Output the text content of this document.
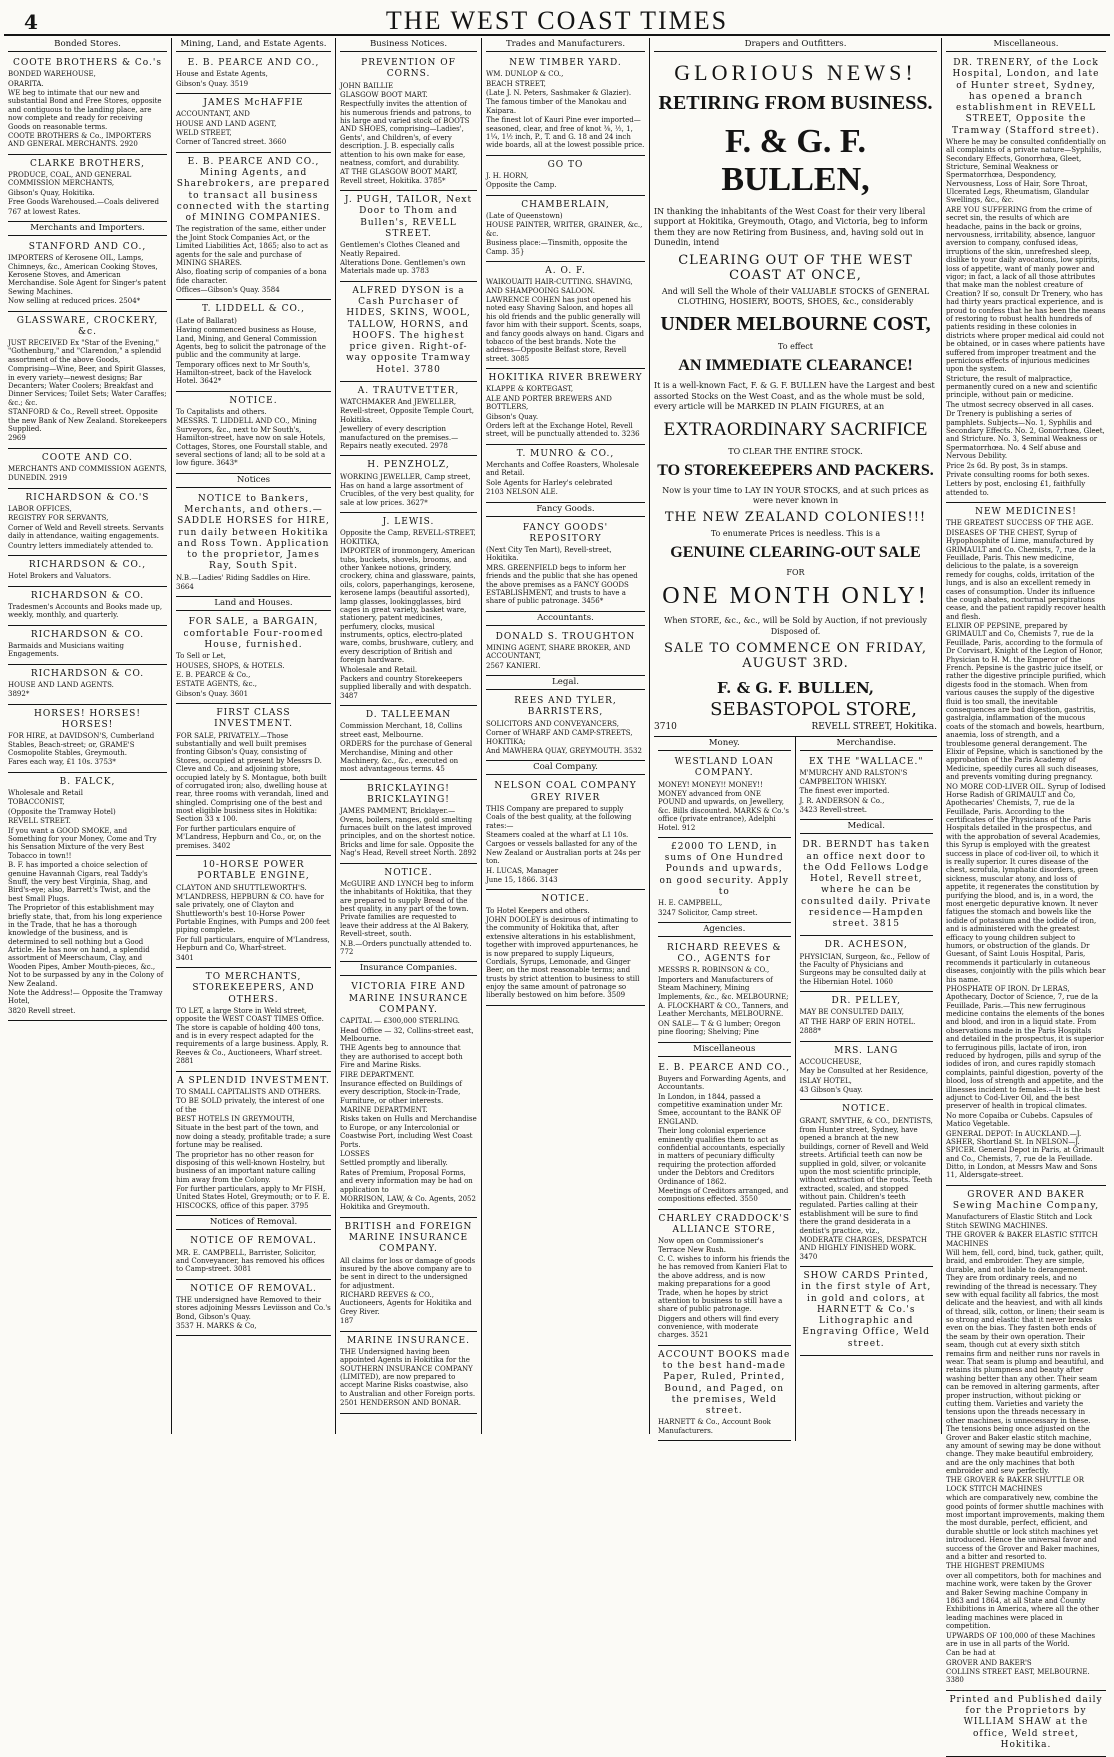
4	THE WEST COAST TIMES
Bonded Stores.

COOTE BROTHERS & Co.'s

BONDED WAREHOUSE,

ORARITA.

WE beg to intimate that our new and substantial Bond and Free Stores, opposite and contiguous to the landing place, are now complete and ready for receiving Goods on reasonable terms.

COOTE BROTHERS & Co., IMPORTERS AND GENERAL MERCHANTS. 2920

CLARKE BROTHERS,

PRODUCE, COAL, AND GENERAL COMMISSION MERCHANTS,

Gibson's Quay, Hokitika.

Free Goods Warehoused.—Coals delivered

767 at lowest Rates.

Merchants and Importers.

STANFORD AND CO.,

IMPORTERS of Kerosene OIL, Lamps, Chimneys, &c., American Cooking Stoves, Kerosene Stoves, and American Merchandise. Sole Agent for Singer's patent Sewing Machines.

Now selling at reduced prices. 2504*

GLASSWARE, CROCKERY, &c.

JUST RECEIVED Ex "Star of the Evening," "Gothenburg," and "Clarendon," a splendid assortment of the above Goods,

Comprising—Wine, Beer, and Spirit Glasses, in every variety—newest designs; Bar Decanters; Water Coolers; Breakfast and Dinner Services; Toilet Sets; Water Caraffes; &c.; &c.

STANFORD & Co., Revell street. Opposite the new Bank of New Zealand. Storekeepers Supplied.

2969

COOTE AND CO.

MERCHANTS AND COMMISSION AGENTS,

DUNEDIN. 2919

RICHARDSON & CO.'S

LABOR OFFICES,

REGISTRY FOR SERVANTS,

Corner of Weld and Revell streets. Servants daily in attendance, waiting engagements.

Country letters immediately attended to.

RICHARDSON & CO.,

Hotel Brokers and Valuators.

RICHARDSON & CO.

Tradesmen's Accounts and Books made up, weekly, monthly, and quarterly.

RICHARDSON & CO.

Barmaids and Musicians waiting Engagements.

RICHARDSON & CO.

HOUSE AND LAND AGENTS.

3892*

HORSES! HORSES! HORSES!

FOR HIRE, at DAVIDSON'S, Cumberland Stables, Beach-street; or, GRAME'S Cosmopolite Stables, Greymouth.

Fares each way, £1 10s. 3753*

B. FALCK,

Wholesale and Retail

TOBACCONIST,

(Opposite the Tramway Hotel)

REVELL STREET.

If you want a GOOD SMOKE, and Something for your Money, Come and Try his Sensation Mixture of the very Best Tobacco in town!!

B. F. has imported a choice selection of genuine Havannah Cigars, real Taddy's Snuff, the very best Virginia, Shag, and Bird's-eye; also, Barrett's Twist, and the best Small Plugs.

The Proprietor of this establishment may briefly state, that, from his long experience in the Trade, that he has a thorough knowledge of the business, and is determined to sell nothing but a Good Article. He has now on hand, a splendid assortment of Meerschaum, Clay, and Wooden Pipes, Amber Mouth-pieces, &c., Not to be surpassed by any in the Colony of New Zealand.

Note the Address!— Opposite the Tramway Hotel,

3820 Revell street.

Mining, Land, and Estate Agents.

E. B. PEARCE AND CO.,

House and Estate Agents,

Gibson's Quay. 3519

JAMES McHAFFIE

ACCOUNTANT, AND

HOUSE AND LAND AGENT,

WELD STREET,

Corner of Tancred street. 3660

E. B. PEARCE AND CO., Mining Agents, and Sharebrokers, are prepared to transact all business connected with the starting of MINING COMPANIES.

The registration of the same, either under the Joint Stock Companies Act, or the Limited Liabilities Act, 1865; also to act as agents for the sale and purchase of MINING SHARES.

Also, floating scrip of companies of a bona fide character.

Offices—Gibson's Quay. 3584

T. LIDDELL & CO.,

(Late of Ballarat)

Having commenced business as House, Land, Mining, and General Commission Agents, beg to solicit the patronage of the public and the community at large.

Temporary offices next to Mr South's, Hamilton-street, back of the Havelock Hotel. 3642*

NOTICE.

To Capitalists and others.

MESSRS. T. LIDDELL AND CO., Mining Surveyors, &c., next to Mr South's, Hamilton-street, have now on sale Hotels, Cottages, Stores, one Fourstall stable, and several sections of land; all to be sold at a low figure. 3643*

Notices

NOTICE to Bankers, Merchants, and others.—SADDLE HORSES for HIRE, run daily between Hokitika and Ross Town. Application to the proprietor, James Ray, South Spit.

N.B.—Ladies' Riding Saddles on Hire.

3664

Land and Houses.

FOR SALE, a BARGAIN, comfortable Four-roomed House, furnished.

To Sell or Let,

HOUSES, SHOPS, & HOTELS.

E. B. PEARCE & Co.,

ESTATE AGENTS, &c.,

Gibson's Quay. 3601

FIRST CLASS INVESTMENT.

FOR SALE, PRIVATELY.—Those substantially and well built premises fronting Gibson's Quay, consisting of Stores, occupied at present by Messrs D. Cleve and Co., and adjoining store, occupied lately by S. Montague, both built of corrugated iron; also, dwelling house at rear, three rooms with verandah, lined and shingled. Comprising one of the best and most eligible business sites in Hokitika: Section 33 x 100.

For further particulars enquire of M'Landress, Hepburn and Co., or, on the premises. 3402

10-HORSE POWER PORTABLE ENGINE,

CLAYTON AND SHUTTLEWORTH'S.

M'LANDRESS, HEPBURN & CO. have for sale privately, one of Clayton and Shuttleworth's best 10-Horse Power Portable Engines, with Pumps and 200 feet piping complete.

For full particulars, enquire of M'Landress, Hepburn and Co, Wharf-street.

3401

TO MERCHANTS, STOREKEEPERS, AND OTHERS.

TO LET, a large Store in Weld street, opposite the WEST COAST TIMES Office. The store is capable of holding 400 tons, and is in every respect adapted for the requirements of a large business. Apply, R. Reeves & Co., Auctioneers, Wharf street. 2881

A SPLENDID INVESTMENT.

TO SMALL CAPITALISTS AND OTHERS.

TO BE SOLD privately, the interest of one of the

BEST HOTELS IN GREYMOUTH,

Situate in the best part of the town, and now doing a steady, profitable trade; a sure fortune may be realised.

The proprietor has no other reason for disposing of this well-known Hostelry, but business of an important nature calling him away from the Colony.

For further particulars, apply to Mr FISH, United States Hotel, Greymouth; or to F. E. HISCOCKS, office of this paper. 3795

Notices of Removal.

NOTICE OF REMOVAL.

MR. E. CAMPBELL, Barrister, Solicitor, and Conveyancer, has removed his offices to Camp-street. 3081

NOTICE OF REMOVAL.

THE undersigned have Removed to their stores adjoining Messrs Leviisson and Co.'s Bond, Gibson's Quay.

3537 H. MARKS & Co,

Business Notices.

PREVENTION OF CORNS.

JOHN BAILLIE

GLASGOW BOOT MART.

Respectfully invites the attention of his numerous friends and patrons, to his large and varied stock of BOOTS AND SHOES, comprising—Ladies', Gents', and Children's, of every description. J. B. especially calls attention to his own make for ease, neatness, comfort, and durability.

AT THE GLASGOW BOOT MART, Revell street, Hokitika. 3785*

J. PUGH, TAILOR, Next Door to Thom and Bullen's, REVELL STREET.

Gentlemen's Clothes Cleaned and Neatly Repaired.

Alterations Done. Gentlemen's own Materials made up. 3783

ALFRED DYSON is a Cash Purchaser of HIDES, SKINS, WOOL, TALLOW, HORNS, and HOOFS. The highest price given. Right-of-way opposite Tramway Hotel. 3780

A. TRAUTVETTER,

WATCHMAKER And JEWELLER,

Revell-street, Opposite Temple Court, Hokitika.

Jewellery of every description manufactured on the premises.—Repairs neatly executed. 2978

H. PENZHOLZ,

WORKING JEWELLER, Camp street,

Has on hand a large assortment of Crucibles, of the very best quality, for sale at low prices. 3627*

J. LEWIS.

Opposite the Camp, REVELL-STREET, HOKITIKA,

IMPORTER of ironmongery, American tubs, buckets, shovels, brooms, and other Yankee notions, grindery, crockery, china and glassware, paints, oils, colors, paperhangings, kerosene, kerosene lamps (beautiful assorted), lamp glasses, lookingglasses, bird cages in great variety, basket ware, stationery, patent medicines, perfumery, clocks, musical instruments, optics, electro-plated ware, combs, brushware, cutlery, and every description of British and foreign hardware.

Wholesale and Retail.

Packers and country Storekeepers supplied liberally and with despatch. 3487

D. TALLEEMAN

Commission Merchant, 18, Collins street east, Melbourne.

ORDERS for the purchase of General Merchandise, Mining and other Machinery, &c., &c., executed on most advantageous terms. 45

BRICKLAYING! BRICKLAYING!

JAMES PAMMENT, Bricklayer.—Ovens, boilers, ranges, gold smelting furnaces built on the latest improved principles, and on the shortest notice. Bricks and lime for sale. Opposite the Nag's Head, Revell street North. 2892

NOTICE.

McGUIRE AND LYNCH beg to inform the inhabitants of Hokitika, that they are prepared to supply Bread of the best quality, in any part of the town. Private families are requested to leave their address at the Al Bakery, Revell-street, south.

N.B.—Orders punctually attended to. 772

Insurance Companies.

VICTORIA FIRE AND MARINE INSURANCE COMPANY.

CAPITAL — £300,000 STERLING.

Head Office — 32, Collins-street east, Melbourne.

THE Agents beg to announce that they are authorised to accept both Fire and Marine Risks.

FIRE DEPARTMENT.

Insurance effected on Buildings of every description, Stock-in-Trade, Furniture, or other interests.

MARINE DEPARTMENT.

Risks taken on Hulls and Merchandise to Europe, or any Intercolonial or Coastwise Port, including West Coast Ports.

LOSSES

Settled promptly and liberally.

Rates of Premium, Proposal Forms, and every information may be had on application to

MORRISON, LAW, & Co. Agents, 2052 Hokitika and Greymouth.

BRITISH and FOREIGN MARINE INSURANCE COMPANY.

All claims for loss or damage of goods insured by the above company are to be sent in direct to the undersigned for adjustment.

RICHARD REEVES & CO., Auctioneers, Agents for Hokitika and Grey River.

187

MARINE INSURANCE.

THE Undersigned having been appointed Agents in Hokitika for the SOUTHERN INSURANCE COMPANY (LIMITED), are now prepared to accept Marine Risks coastwise, also to Australian and other Foreign ports.

2501 HENDERSON AND BONAR.

Trades and Manufacturers.

NEW TIMBER YARD.

WM. DUNLOP & CO.,

BEACH STREET,

(Late J. N. Peters, Sashmaker & Glazier).

The famous timber of the Manokau and Kaipara.

The finest lot of Kauri Pine ever imported—seasoned, clear, and free of knot ⅜, ½, 1, 1¼, 1½ inch, P., T. and G. 18 and 24 inch wide boards, all at the lowest possible price.

GO TO

J. H. HORN,

Opposite the Camp.

CHAMBERLAIN,

(Late of Queenstown)

HOUSE PAINTER, WRITER, GRAINER, &c., &c.

Business place:—Tinsmith, opposite the Camp. 35}

A. O. F.

WAIKOUAITI HAIR-CUTTING. SHAVING, AND SHAMPOOING SALOON.

LAWRENCE COHEN has just opened his noted easy Shaving Saloon, and hopes all his old friends and the public generally will favor him with their support. Scents, soaps, and fancy goods always on hand. Cigars and tobacco of the best brands. Note the address—Opposite Belfast store, Revell street. 3085

HOKITIKA RIVER BREWERY

KLAPPE & KORTEGAST,

ALE AND PORTER BREWERS AND BOTTLERS,

Gibson's Quay.

Orders left at the Exchange Hotel, Revell street, will be punctually attended to. 3236

T. MUNRO & CO.,

Merchants and Coffee Roasters, Wholesale and Retail.

Sole Agents for Harley's celebrated

2103 NELSON ALE.

Fancy Goods.

FANCY GOODS' REPOSITORY

(Next City Ten Mart), Revell-street, Hokitika.

MRS. GREENFIELD begs to inform her friends and the public that she has opened the above premises as a FANCY GOODS ESTABLISHMENT, and trusts to have a share of public patronage. 3456*

Accountants.

DONALD S. TROUGHTON

MINING AGENT, SHARE BROKER, AND ACCOUNTANT,

2567 KANIERI.

Legal.

REES AND TYLER, BARRISTERS,

SOLICITORS AND CONVEYANCERS,

Corner of WHARF AND CAMP-STREETS, HOKITIKA;

And MAWHERA QUAY, GREYMOUTH. 3532

Coal Company.

NELSON COAL COMPANY GREY RIVER

THIS Company are prepared to supply Coals of the best quality, at the following rates:—

Steamers coaled at the wharf at L1 10s.

Cargoes or vessels ballasted for any of the New Zealand or Australian ports at 24s per ton.

H. LUCAS, Manager

June 15, 1866. 3143

NOTICE.

To Hotel Keepers and others.

JOHN DOOLEY is desirous of intimating to the community of Hokitika that, after extensive alterations in his establishment, together with improved appurtenances, he is now prepared to supply Liqueurs, Cordials, Syrups, Lemonade, and Ginger Beer, on the most reasonable terms; and trusts by strict attention to business to still enjoy the same amount of patronage so liberally bestowed on him before. 3509

Drapers and Outfitters.
GLORIOUS NEWS!
RETIRING FROM BUSINESS.
F. & G. F. BULLEN,
IN thanking the inhabitants of the West Coast for their very liberal support at Hokitika, Greymouth, Otago, and Victoria, beg to inform them they are now Retiring from Business, and, having sold out in Dunedin, intend
CLEARING OUT OF THE WEST COAST AT ONCE,
And will Sell the Whole of their VALUABLE STOCKS of GENERAL CLOTHING, HOSIERY, BOOTS, SHOES, &c., considerably
UNDER MELBOURNE COST,
To effect
AN IMMEDIATE CLEARANCE!
It is a well-known Fact, F. & G. F. BULLEN have the Largest and best assorted Stocks on the West Coast, and as the whole must be sold, every article will be MARKED IN PLAIN FIGURES, at an
EXTRAORDINARY SACRIFICE
TO CLEAR THE ENTIRE STOCK.
TO STOREKEEPERS AND PACKERS.
Now is your time to LAY IN YOUR STOCKS, and at such prices as were never known in
THE NEW ZEALAND COLONIES!!!
To enumerate Prices is needless. This is a
GENUINE CLEARING-OUT SALE
FOR
ONE MONTH ONLY!
When STORE, &c., &c., will be Sold by Auction, if not previously Disposed of.
SALE TO COMMENCE ON FRIDAY, AUGUST 3RD.
F. & G. F. BULLEN,
SEBASTOPOL STORE,
3710	REVELL STREET, Hokitika.
Money.

WESTLAND LOAN COMPANY.

MONEY! MONEY!! MONEY!!

MONEY advanced from ONE POUND and upwards, on Jewellery, &c. Bills discounted. MARKS & Co.'s office (private entrance), Adelphi Hotel. 912

£2000 TO LEND, in sums of One Hundred Pounds and upwards, on good security. Apply to

H. E. CAMPBELL,

3247 Solicitor, Camp street.

Agencies.

RICHARD REEVES & CO., AGENTS for

MESSRS R. ROBINSON & CO.,

Importers and Manufacturers of Steam Machinery, Mining Implements, &c., &c. MELBOURNE;

A. FLOCKHART & CO., Tanners, and Leather Merchants, MELBOURNE.

ON SALE— T & G lumber; Oregon pine flooring; Shelving; Pine

Miscellaneous

E. B. PEARCE AND CO.,

Buyers and Forwarding Agents, and Accountants.

In London, in 1844, passed a competitive examination under Mr. Smee, accountant to the BANK OF ENGLAND.

Their long colonial experience eminently qualifies them to act as confidential accountants, especially in matters of pecuniary difficulty requiring the protection afforded under the Debtors and Creditors Ordinance of 1862.

Meetings of Creditors arranged, and compositions effected. 3550

CHARLEY CRADDOCK'S ALLIANCE STORE,

Now open on Commissioner's Terrace New Rush.

C. C. wishes to inform his friends the he has removed from Kanieri Flat to the above address, and is now making preparations for a good Trade, when he hopes by strict attention to business to still have a share of public patronage.

Diggers and others will find every convenience, with moderate charges. 3521

ACCOUNT BOOKS made to the best hand-made Paper, Ruled, Printed, Bound, and Paged, on the premises, Weld street.

HARNETT & Co., Account Book Manufacturers.

Merchandise.

EX THE "WALLACE."

M'MURCHY AND RALSTON'S CAMPBELTON WHISKY.

The finest ever imported.

J. R. ANDERSON & Co.,

3423 Revell-street.

Medical.

DR. BERNDT has taken an office next door to the Odd Fellows Lodge Hotel, Revell street, where he can be consulted daily. Private residence—Hampden street. 3815

DR. ACHESON,

PHYSICIAN, Surgeon, &c., Fellow of the Faculty of Physicians and Surgeons may be consulted daily at the Hibernian Hotel. 1060

DR. PELLEY,

MAY BE CONSULTED DAILY,

AT THE HARP OF ERIN HOTEL.

2888*

MRS. LANG

ACCOUCHEUSE,

May be Consulted at her Residence,

ISLAY HOTEL,

43 Gibson's Quay.

NOTICE.

GRANT, SMYTHE, & CO., DENTISTS,

from Hunter street, Sydney, have opened a branch at the new buildings, corner of Revell and Weld streets. Artificial teeth can now be supplied in gold, silver, or volcanite upon the most scientific principle, without extraction of the roots. Teeth extracted, scaled, and stopped without pain. Children's teeth regulated. Parties calling at their establishment will be sure to find there the grand desiderata in a dentist's practice, viz.,

MODERATE CHARGES, DESPATCH AND HIGHLY FINISHED WORK. 3470

SHOW CARDS Printed, in the first style of Art, in gold and colors, at HARNETT & Co.'s Lithographic and Engraving Office, Weld street.

Miscellaneous.

DR. TRENERY, of the Lock Hospital, London, and late of Hunter street, Sydney, has opened a branch establishment in REVELL STREET, Opposite the Tramway (Stafford street).

Where he may be consulted confidentially on all complaints of a private nature—Syphilis, Secondary Effects, Gonorrhœa, Gleet, Stricture, Seminal Weakness or Spermatorrhœa, Despondency, Nervousness, Loss of Hair, Sore Throat, Ulcerated Legs, Rheumatism, Glandular Swellings, &c., &c.

ARE YOU SUFFERING from the crime of secret sin, the results of which are headache, pains in the back or groins, nervousness, irritability, absence, languor aversion to company, confused ideas, irruptions of the skin, unrefreshed sleep, dislike to your daily avocations, low spirits, loss of appetite, want of manly power and vigor; in fact, a lack of all those attributes that make man the noblest creature of Creation? If so, consult Dr Trenery, who has had thirty years practical experience, and is proud to confess that he has been the means of restoring to robust health hundreds of patients residing in these colonies in districts where proper medical aid could not be obtained, or in cases where patients have suffered from improper treatment and the pernicious effects of injurious medicines upon the system.

Stricture, the result of malpractice, permanently cured on a new and scientific principle, without pain or medicine.

The utmost secrecy observed in all cases.

Dr Trenery is publishing a series of pamphlets. Subjects—No. 1, Syphilis and Secondary Effects. No. 2, Gonorrhœa, Gleet, and Stricture. No. 3, Seminal Weakness or Spermatorrhœa. No. 4 Self abuse and Nervous Debility.

Price 2s 6d. By post, 3s in stamps.

Private consulting rooms for both sexes.

Letters by post, enclosing £1, faithfully attended to.

NEW MEDICINES!

THE GREATEST SUCCESS OF THE AGE.

DISEASES OF THE CHEST, Syrup of Hypophosphite of Lime, manufactured by GRIMAULT and Co. Chemists, 7, rue de la Feuillade, Paris. This new medicine, delicious to the palate, is a sovereign remedy for coughs, colds, irritation of the lungs, and is also an excellent remedy in cases of consumption. Under its influence the cough abates, nocturnal perspirations cease, and the patient rapidly recover health and flesh.

ELIXIR OF PEPSINE, prepared by GRIMAULT and Co, Chemists 7, rue de la Feuillade, Paris, according to the formula of Dr Corvisart, Knight of the Legion of Honor, Physician to H. M. the Emperor of the French. Pepsine is the gastric juice itself, or rather the digestive principle purified, which digests food in the stomach. When from various causes the supply of the digestive fluid is too small, the inevitable consequences are bad digestion, gastritis, gastralgia, inflammation of the mucous coats of the stomach and bowels, heartburn, anaemia, loss of strength, and a troublesome general derangement. The Elixir of Pepsine, which is sanctioned by the approbation of the Paris Academy of Medicine, speedily cures all such diseases, and prevents vomiting during pregnancy.

NO MORE COD-LIVER OIL. Syrup of Iodised Horse Radish of GRIMAULT and Co, Apothecaries' Chemists, 7, rue de la Feuillade, Paris. According to the certificates of the Physicians of the Paris Hospitals detailed in the prospectus, and with the approbation of several Academies, this Syrup is employed with the greatest success in place of cod-liver oil, to which it is really superior. It cures disease of the chest, scrofula, lymphatic disorders, green sickness, muscular atony, and loss of appetite, it regenerates the constitution by purifying the blood, and is, in a word, the most energetic depurative known. It never fatigues the stomach and bowels like the iodide of potassium and the iodide of iron, and is administered with the greatest efficacy to young children subject to humors, or obstruction of the glands. Dr Guesant, of Saint Louis Hospital, Paris, recommends it particularly in cutaneous diseases, conjointly with the pills which bear his name.

PHOSPHATE OF IRON. Dr LERAS, Apothecary, Doctor of Science, 7, rue de la Feuillade, Paris.—This new ferruginous medicine contains the elements of the bones and blood, and iron in a liquid state. From observations made in the Paris Hospitals and detailed in the prospectus, it is superior to ferruginous pills, lactate of iron, iron reduced by hydrogen, pills and syrup of the iodides of iron, and cures rapidly stomach complaints, painful digestion, poverty of the blood, loss of strength and appetite, and the illnesses incident to females.—It is the best adjunct to Cod-Liver Oil, and the best preserver of health in tropical climates.

No more Copaiba or Cubebs. Capsules of Matico Vegetable.

GENERAL DEPOT: In AUCKLAND.—J. ASHER, Shortland St. In NELSON—J. SPICER. General Depot in Paris, at Grimault and Co., Chemists, 7, rue de la Feuillade. Ditto, in London, at Messrs Maw and Sons 11, Aldersgate-street.

GROVER AND BAKER Sewing Machine Company,

Manufacturers of Elastic Stitch and Lock Stitch SEWING MACHINES.

THE GROVER & BAKER ELASTIC STITCH MACHINES

Will hem, fell, cord, bind, tuck, gather, quilt, braid, and embroider. They are simple, durable, and not liable to derangement. They are from ordinary reels, and no rewinding of the thread is necessary. They sew with equal facility all fabrics, the most delicate and the heaviest, and with all kinds of thread, silk, cotton, or linen; their seam is so strong and elastic that it never breaks even on the bias. They fasten both ends of the seam by their own operation. Their seam, though cut at every sixth stitch remains firm and neither runs nor ravels in wear. That seam is plump and beautiful, and retains its plumpness and beauty after washing better than any other. Their seam can be removed in altering garments, after proper instruction, without picking or cutting them. Varieties and variety the tensions upon the threads necessary in other machines, is unnecessary in these. The tensions being once adjusted on the Grover and Baker elastic stitch machine, any amount of sewing may be done without change. They make beautiful embroidery, and are the only machines that both embroider and sew perfectly.

THE GROVER & BAKER SHUTTLE OR LOCK STITCH MACHINES

which are comparatively new, combine the good points of former shuttle machines with most important improvements, making them the most durable, perfect, efficient, and durable shuttle or lock stitch machines yet introduced. Hence the universal favor and success of the Grover and Baker machines, and a bitter and resorted to.

THE HIGHEST PREMIUMS

over all competitors, both for machines and machine work, were taken by the Grover and Baker Sewing machine Company in 1863 and 1864, at all State and County Exhibitions in America, where all the other leading machines were placed in competition.

UPWARDS OF 100,000 of these Machines are in use in all parts of the World.

Can be had at

GROVER AND BAKER'S

COLLINS STREET EAST, MELBOURNE. 3380

Printed and Published daily for the Proprietors by WILLIAM SHAW at the office, Weld street, Hokitika.
